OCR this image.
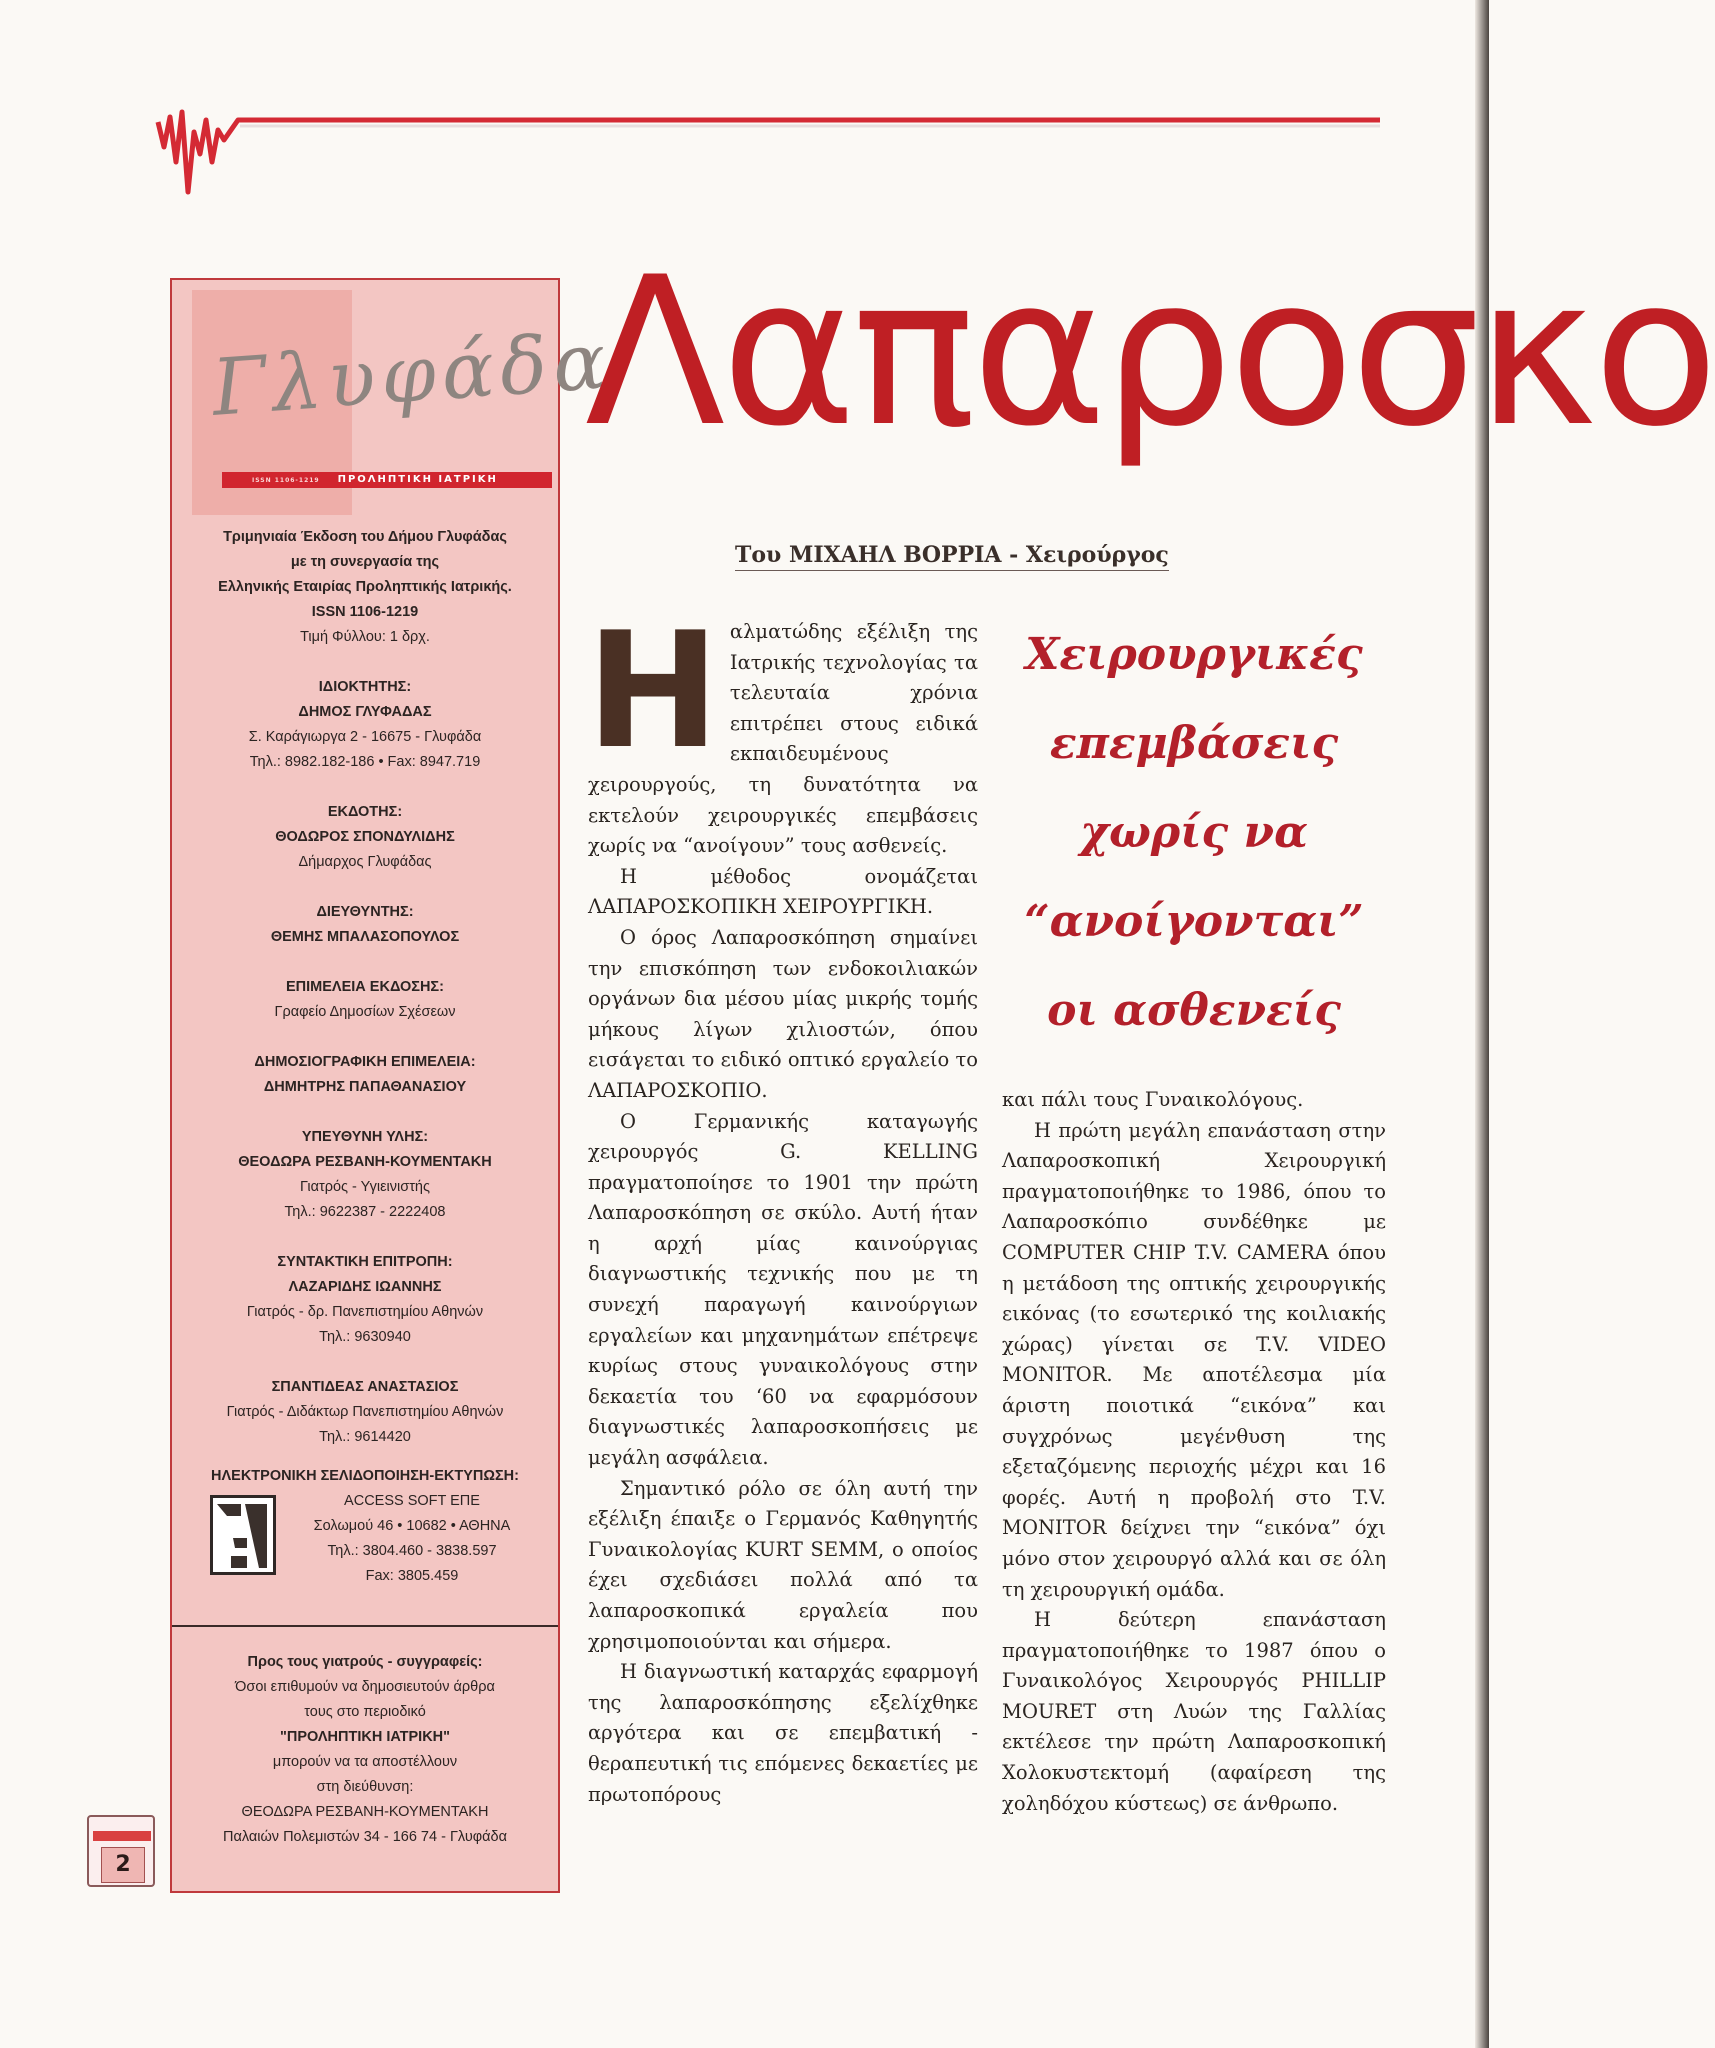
Γλυφάδα
ISSN 1106-1219 ΠΡΟΛΗΠΤΙΚΗ ΙΑΤΡΙΚΗ
Τριμηνιαία Έκδοση του Δήμου Γλυφάδας
με τη συνεργασία της
Ελληνικής Εταιρίας Προληπτικής Ιατρικής.
ISSN 1106-1219
Τιμή Φύλλου: 1 δρχ.
ΙΔΙΟΚΤΗΤΗΣ:
ΔΗΜΟΣ ΓΛΥΦΑΔΑΣ
Σ. Καράγιωργα 2 - 16675 - Γλυφάδα
Τηλ.: 8982.182-186 • Fax: 8947.719
ΕΚΔΟΤΗΣ:
ΘΟΔΩΡΟΣ ΣΠΟΝΔΥΛΙΔΗΣ
Δήμαρχος Γλυφάδας
ΔΙΕΥΘΥΝΤΗΣ:
ΘΕΜΗΣ ΜΠΑΛΑΣΟΠΟΥΛΟΣ
ΕΠΙΜΕΛΕΙΑ ΕΚΔΟΣΗΣ:
Γραφείο Δημοσίων Σχέσεων
ΔΗΜΟΣΙΟΓΡΑΦΙΚΗ ΕΠΙΜΕΛΕΙΑ:
ΔΗΜΗΤΡΗΣ ΠΑΠΑΘΑΝΑΣΙΟΥ
ΥΠΕΥΘΥΝΗ ΥΛΗΣ:
ΘΕΟΔΩΡΑ ΡΕΣΒΑΝΗ-ΚΟΥΜΕΝΤΑΚΗ
Γιατρός - Υγιεινιστής
Τηλ.: 9622387 - 2222408
ΣΥΝΤΑΚΤΙΚΗ ΕΠΙΤΡΟΠΗ:
ΛΑΖΑΡΙΔΗΣ ΙΩΑΝΝΗΣ
Γιατρός - δρ. Πανεπιστημίου Αθηνών
Τηλ.: 9630940
ΣΠΑΝΤΙΔΕΑΣ ΑΝΑΣΤΑΣΙΟΣ
Γιατρός - Διδάκτωρ Πανεπιστημίου Αθηνών
Τηλ.: 9614420
ΗΛΕΚΤΡΟΝΙΚΗ ΣΕΛΙΔΟΠΟΙΗΣΗ-ΕΚΤΥΠΩΣΗ:
ACCESS SOFT ΕΠΕ
Σολωμού 46 • 10682 • ΑΘΗΝΑ
Τηλ.: 3804.460 - 3838.597
Fax: 3805.459
Προς τους γιατρούς - συγγραφείς:
Όσοι επιθυμούν να δημοσιευτούν άρθρα
τους στο περιοδικό
"ΠΡΟΛΗΠΤΙΚΗ ΙΑΤΡΙΚΗ"
μπορούν να τα αποστέλλουν
στη διεύθυνση:
ΘΕΟΔΩΡΑ ΡΕΣΒΑΝΗ-ΚΟΥΜΕΝΤΑΚΗ
Παλαιών Πολεμιστών 34 - 166 74 - Γλυφάδα
2
Λαπαροσκο
Του ΜΙΧΑΗΛ ΒΟΡΡΙΑ - Χειρούργος

Ηαλματώδης εξέλιξη της Ιατρικής τεχνολογίας τα τελευταία χρόνια επιτρέπει στους ειδικά εκπαιδευμένους χειρουργούς, τη δυνατότητα να εκτελούν χειρουργικές επεμβάσεις χωρίς να “ανοίγουν” τους ασθενείς.

Η μέθοδος ονομάζεται ΛΑΠΑΡΟΣΚΟΠΙΚΗ ΧΕΙΡΟΥΡΓΙΚΗ.

Ο όρος Λαπαροσκόπηση σημαίνει την επισκόπηση των ενδοκοιλιακών οργάνων δια μέσου μίας μικρής τομής μήκους λίγων χιλιοστών, όπου εισάγεται το ειδικό οπτικό εργαλείο το ΛΑΠΑΡΟΣΚΟΠΙΟ.

Ο Γερμανικής καταγωγής χειρουργός G. KELLING πραγματοποίησε το 1901 την πρώτη Λαπαροσκόπηση σε σκύλο. Αυτή ήταν η αρχή μίας καινούργιας διαγνωστικής τεχνικής που με τη συνεχή παραγωγή καινούργιων εργαλείων και μηχανημάτων επέτρεψε κυρίως στους γυναικολόγους στην δεκαετία του ‘60 να εφαρμόσουν διαγνωστικές λαπαροσκοπήσεις με μεγάλη ασφάλεια.

Σημαντικό ρόλο σε όλη αυτή την εξέλιξη έπαιξε ο Γερμανός Καθηγητής Γυναικολογίας KURT SEMM, ο οποίος έχει σχεδιάσει πολλά από τα λαπαροσκοπικά εργαλεία που χρησιμοποιούνται και σήμερα.

Η διαγνωστική καταρχάς εφαρμογή της λαπαροσκόπησης εξελίχθηκε αργότερα και σε επεμβατική - θεραπευτική τις επόμενες δεκαετίες με πρωτοπόρους

Χειρουργικές
επεμβάσεις
χωρίς να
“ανοίγονται”
οι ασθενείς

και πάλι τους Γυναικολόγους.

Η πρώτη μεγάλη επανάσταση στην Λαπαροσκοπική Χειρουργική πραγματοποιήθηκε το 1986, όπου το Λαπαροσκόπιο συνδέθηκε με COMPUTER CHIP T.V. CAMERA όπου η μετάδοση της οπτικής χειρουργικής εικόνας (το εσωτερικό της κοιλιακής χώρας) γίνεται σε T.V. VIDEO MONITOR. Με αποτέλεσμα μία άριστη ποιοτικά “εικόνα” και συγχρόνως μεγένθυση της εξεταζόμενης περιοχής μέχρι και 16 φορές. Αυτή η προβολή στο T.V. MONITOR δείχνει την “εικόνα” όχι μόνο στον χειρουργό αλλά και σε όλη τη χειρουργική ομάδα.

Η δεύτερη επανάσταση πραγματοποιήθηκε το 1987 όπου ο Γυναικολόγος Χειρουργός PHILLIP MOURET στη Λυών της Γαλλίας εκτέλεσε την πρώτη Λαπαροσκοπική Χολοκυστεκτομή (αφαίρεση της χοληδόχου κύστεως) σε άνθρωπο.
